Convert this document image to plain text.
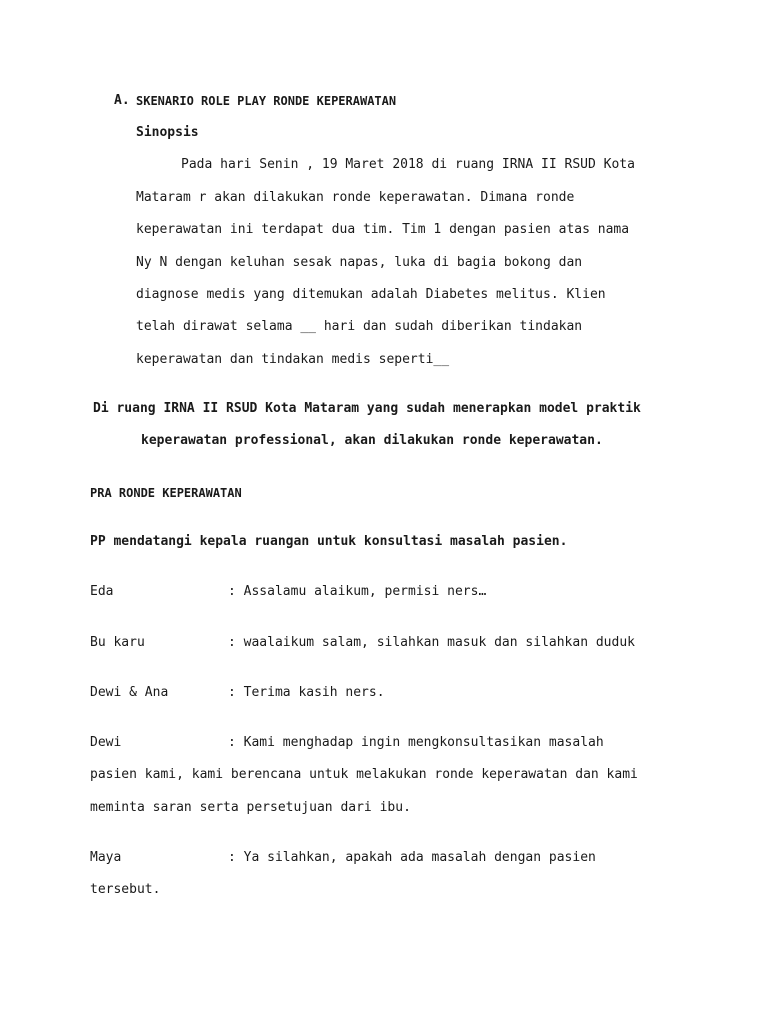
A. SKENARIO ROLE PLAY RONDE KEPERAWATAN
Sinopsis
Pada hari Senin , 19 Maret 2018 di ruang IRNA II RSUD Kota
Mataram r akan dilakukan ronde keperawatan. Dimana ronde
keperawatan ini terdapat dua tim. Tim 1 dengan pasien atas nama
Ny N dengan keluhan sesak napas, luka di bagia bokong dan
diagnose medis yang ditemukan adalah Diabetes melitus. Klien
telah dirawat selama __ hari dan sudah diberikan tindakan
keperawatan dan tindakan medis seperti__
Di ruang IRNA II RSUD Kota Mataram yang sudah menerapkan model praktik
keperawatan professional, akan dilakukan ronde keperawatan.
PRA RONDE KEPERAWATAN
PP mendatangi kepala ruangan untuk konsultasi masalah pasien.
Eda	: Assalamu alaikum, permisi ners…
Bu karu	: waalaikum salam, silahkan masuk dan silahkan duduk
Dewi & Ana	: Terima kasih ners.
Dewi	: Kami menghadap ingin mengkonsultasikan masalah
pasien kami, kami berencana untuk melakukan ronde keperawatan dan kami
meminta saran serta persetujuan dari ibu.
Maya	: Ya silahkan, apakah ada masalah dengan pasien
tersebut.
